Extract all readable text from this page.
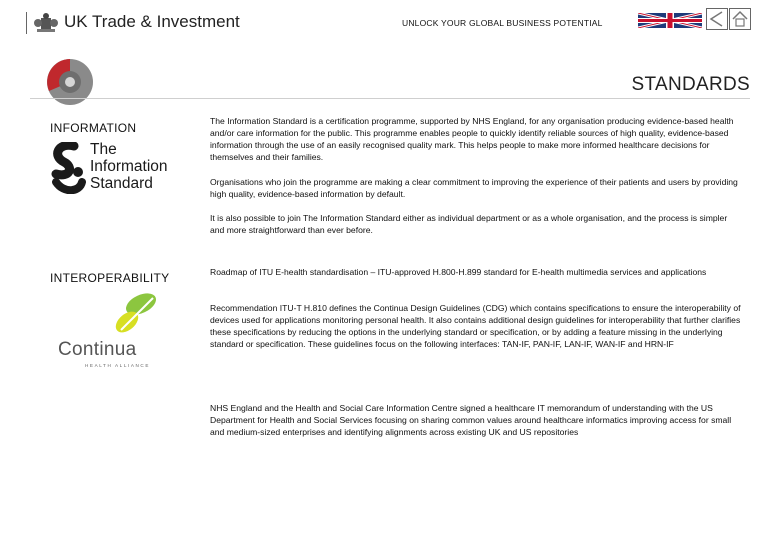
UK Trade & Investment	UNLOCK YOUR GLOBAL BUSINESS POTENTIAL
STANDARDS
INFORMATION
The
Information
Standard
The Information Standard is a certification programme, supported by NHS England, for any organisation producing evidence-based health and/or care information for the public. This programme enables people to quickly identify reliable sources of high quality, evidence-based information through the use of an easily recognised quality mark. This helps people to make more informed healthcare decisions for themselves and their families.
Organisations who join the programme are making a clear commitment to improving the experience of their patients and users by providing high quality, evidence-based information by default.
It is also possible to join The Information Standard either as individual department or as a whole organisation, and the process is simpler and more straightforward than ever before.
INTEROPERABILITY
Continua
HEALTH ALLIANCE
Roadmap of ITU E-health standardisation – ITU-approved H.800-H.899 standard for E-health multimedia services and applications
Recommendation ITU-T H.810 defines the Continua Design Guidelines (CDG) which contains specifications to ensure the interoperability of devices used for applications monitoring personal health. It also contains additional design guidelines for interoperability that further clarifies these specifications by reducing the options in the underlying standard or specification, or by adding a feature missing in the underlying standard or specification. These guidelines focus on the following interfaces: TAN-IF, PAN-IF, LAN-IF, WAN-IF and HRN-IF
NHS England and the Health and Social Care Information Centre signed a healthcare IT memorandum of understanding with the US Department for Health and Social Services focusing on sharing common values around healthcare informatics improving access for small and medium-sized enterprises and identifying alignments across existing UK and US repositories
